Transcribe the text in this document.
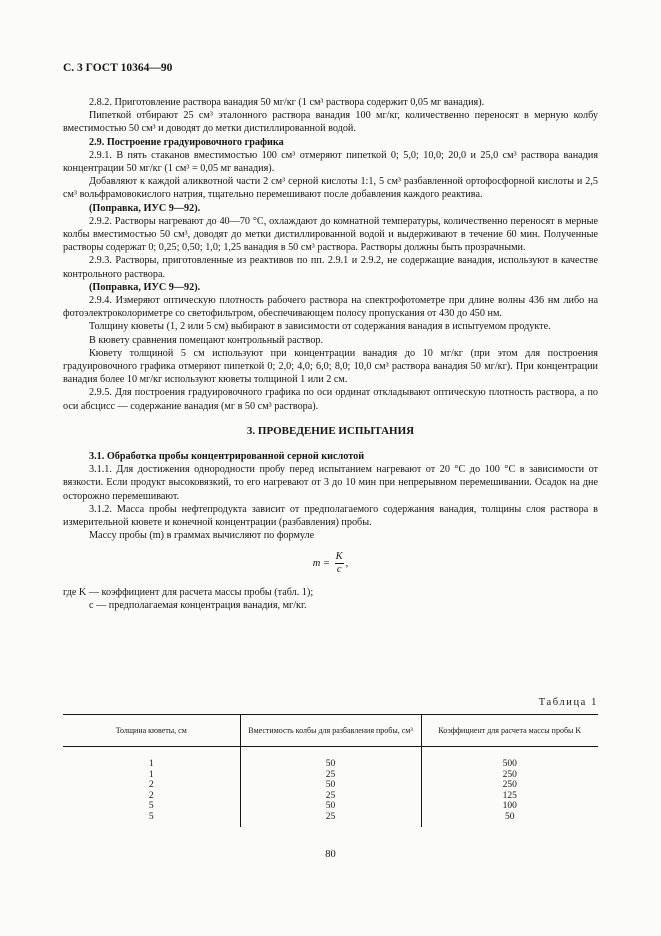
С. 3 ГОСТ 10364—90

2.8.2. Приготовление раствора ванадия 50 мг/кг (1 см³ раствора содержит 0,05 мг ванадия).

Пипеткой отбирают 25 см³ эталонного раствора ванадия 100 мг/кг, количественно переносят в мерную колбу вместимостью 50 см³ и доводят до метки дистиллированной водой.

2.9. Построение градуировочного графика

2.9.1. В пять стаканов вместимостью 100 см³ отмеряют пипеткой 0; 5,0; 10,0; 20,0 и 25,0 см³ раствора ванадия концентрации 50 мг/кг (1 см³ = 0,05 мг ванадия).

Добавляют к каждой аликвотной части 2 см³ серной кислоты 1:1, 5 см³ разбавленной ортофосфорной кислоты и 2,5 см³ вольфрамовокислого натрия, тщательно перемешивают после добавления каждого реактива.

(Поправка, ИУС 9—92).

2.9.2. Растворы нагревают до 40—70 °С, охлаждают до комнатной температуры, количественно переносят в мерные колбы вместимостью 50 см³, доводят до метки дистиллированной водой и выдерживают в течение 60 мин. Полученные растворы содержат 0; 0,25; 0,50; 1,0; 1,25 ванадия в 50 см³ раствора. Растворы должны быть прозрачными.

2.9.3. Растворы, приготовленные из реактивов по пп. 2.9.1 и 2.9.2, не содержащие ванадия, используют в качестве контрольного раствора.

(Поправка, ИУС 9—92).

2.9.4. Измеряют оптическую плотность рабочего раствора на спектрофотометре при длине волны 436 нм либо на фотоэлектроколориметре со светофильтром, обеспечивающем полосу пропускания от 430 до 450 нм.

Толщину кюветы (1, 2 или 5 см) выбирают в зависимости от содержания ванадия в испытуемом продукте.

В кювету сравнения помещают контрольный раствор.

Кювету толщиной 5 см используют при концентрации ванадия до 10 мг/кг (при этом для построения градуировочного графика отмеряют пипеткой 0; 2,0; 4,0; 6,0; 8,0; 10,0 см³ раствора ванадия 50 мг/кг). При концентрации ванадия более 10 мг/кг используют кюветы толщиной 1 или 2 см.

2.9.5. Для построения градуировочного графика по оси ординат откладывают оптическую плотность раствора, а по оси абсцисс — содержание ванадия (мг в 50 см³ раствора).

3. ПРОВЕДЕНИЕ ИСПЫТАНИЯ

3.1. Обработка пробы концентрированной серной кислотой

3.1.1. Для достижения однородности пробу перед испытанием нагревают от 20 °С до 100 °С в зависимости от вязкости. Если продукт высоковязкий, то его нагревают от 3 до 10 мин при непрерывном перемешивании. Осадок на дне осторожно перемешивают.

3.1.2. Масса пробы нефтепродукта зависит от предполагаемого содержания ванадия, толщины слоя раствора в измерительной кювете и конечной концентрации (разбавления) пробы.

Массу пробы (m) в граммах вычисляют по формуле

$m = \frac{K}{c}$ ,

где K — коэффициент для расчета массы пробы (табл. 1);

c — предполагаемая концентрация ванадия, мг/кг.

Таблица 1
Толщина кюветы, см	Вместимость колбы для разбавления пробы, см³	Коэффициент для расчета массы пробы K
1	50	500
1	25	250
2	50	250
2	25	125
5	50	100
5	25	50
80
